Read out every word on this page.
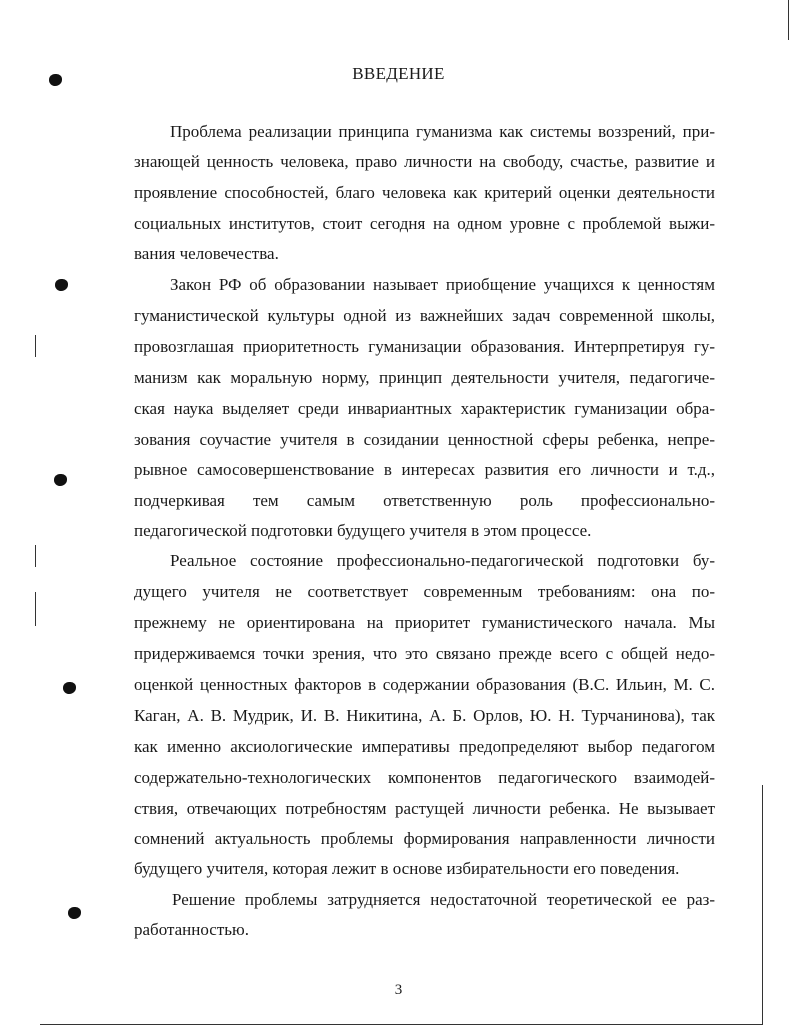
ВВЕДЕНИЕ
Проблема реализации принципа гуманизма как системы воззрений, при-
знающей ценность человека, право личности на свободу, счастье, развитие и
проявление способностей, благо человека как критерий оценки деятельности
социальных институтов, стоит сегодня на одном уровне с проблемой выжи-
вания человечества.
Закон РФ об образовании называет приобщение учащихся к ценностям
гуманистической культуры одной из важнейших задач современной школы,
провозглашая приоритетность гуманизации образования. Интерпретируя гу-
манизм как моральную норму, принцип деятельности учителя, педагогиче-
ская наука выделяет среди инвариантных характеристик гуманизации обра-
зования соучастие учителя в созидании ценностной сферы ребенка, непре-
рывное самосовершенствование в интересах развития его личности и т.д.,
подчеркивая тем самым ответственную роль профессионально-
педагогической подготовки будущего учителя в этом процессе.
Реальное состояние профессионально-педагогической подготовки бу-
дущего учителя не соответствует современным требованиям: она по-
прежнему не ориентирована на приоритет гуманистического начала. Мы
придерживаемся точки зрения, что это связано прежде всего с общей недо-
оценкой ценностных факторов в содержании образования (В.С. Ильин, М. С.
Каган, А. В. Мудрик, И. В. Никитина, А. Б. Орлов, Ю. Н. Турчанинова), так
как именно аксиологические императивы предопределяют выбор педагогом
содержательно-технологических компонентов педагогического взаимодей-
ствия, отвечающих потребностям растущей личности ребенка. Не вызывает
сомнений актуальность проблемы формирования направленности личности
будущего учителя, которая лежит в основе избирательности его поведения.
Решение проблемы затрудняется недостаточной теоретической ее раз-
работанностью.
3
